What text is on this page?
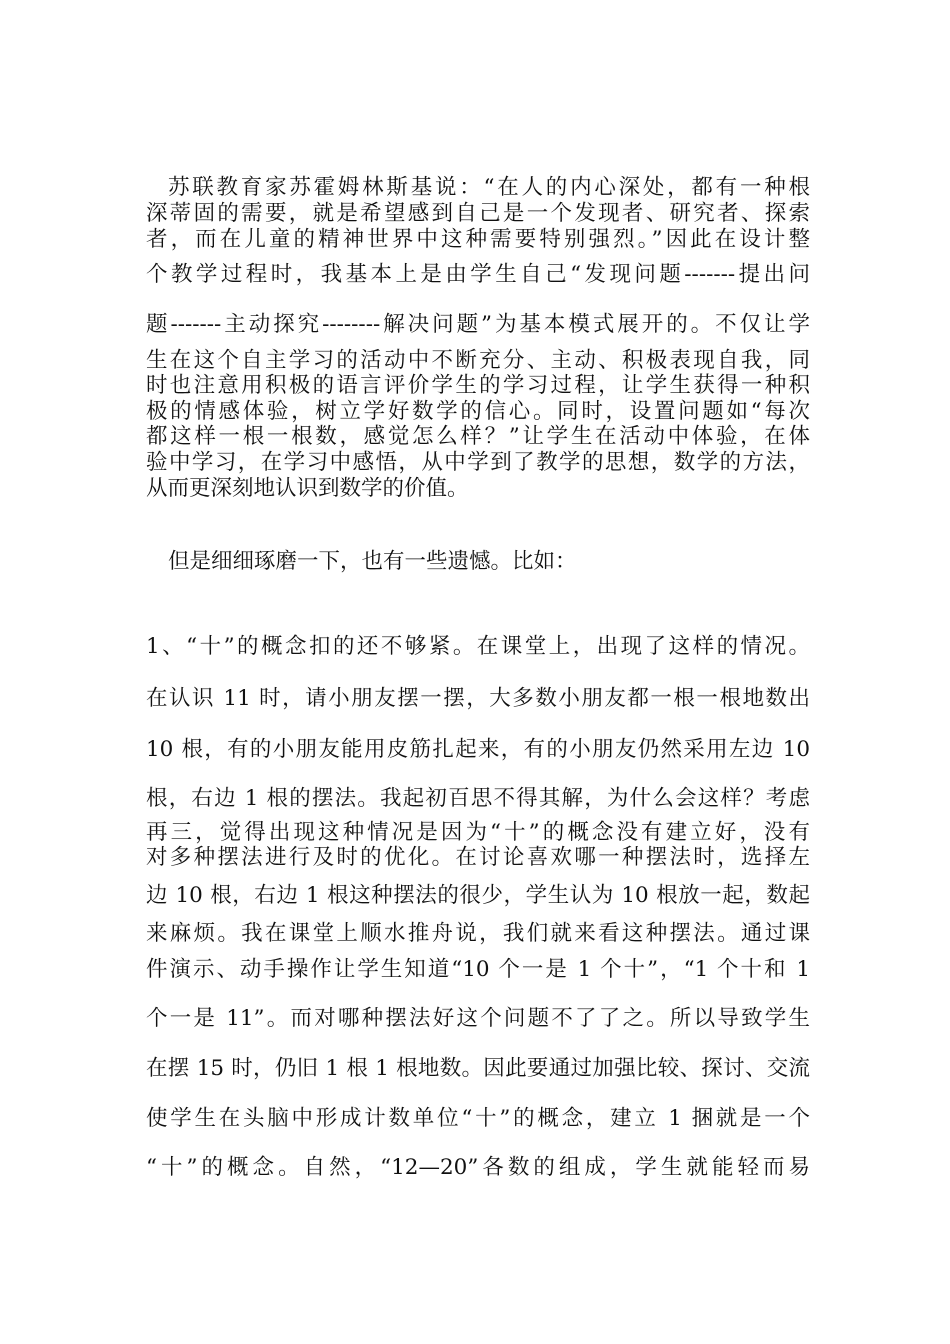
苏联教育家苏霍姆林斯基说：“在人的内心深处，都有一种根
深蒂固的需要，就是希望感到自己是一个发现者、研究者、探索
者，而在儿童的精神世界中这种需要特别强烈。”因此在设计整
个教学过程时，我基本上是由学生自己“发现问题-------提出问
题-------主动探究--------解决问题”为基本模式展开的。不仅让学
生在这个自主学习的活动中不断充分、主动、积极表现自我，同
时也注意用积极的语言评价学生的学习过程，让学生获得一种积
极的情感体验，树立学好数学的信心。同时，设置问题如“每次
都这样一根一根数，感觉怎么样？”让学生在活动中体验，在体
验中学习，在学习中感悟，从中学到了教学的思想，数学的方法，
从而更深刻地认识到数学的价值。
但是细细琢磨一下，也有一些遗憾。比如：
1、“十”的概念扣的还不够紧。在课堂上，出现了这样的情况。
在认识 11 时，请小朋友摆一摆，大多数小朋友都一根一根地数出
10 根，有的小朋友能用皮筋扎起来，有的小朋友仍然采用左边 10
根，右边 1 根的摆法。我起初百思不得其解，为什么会这样？考虑
再三，觉得出现这种情况是因为“十”的概念没有建立好，没有
对多种摆法进行及时的优化。在讨论喜欢哪一种摆法时，选择左
边 10 根，右边 1 根这种摆法的很少，学生认为 10 根放一起，数起
来麻烦。我在课堂上顺水推舟说，我们就来看这种摆法。通过课
件演示、动手操作让学生知道“10 个一是 1 个十”，“1 个十和 1
个一是 11”。而对哪种摆法好这个问题不了了之。所以导致学生
在摆 15 时，仍旧 1 根 1 根地数。因此要通过加强比较、探讨、交流
使学生在头脑中形成计数单位“十”的概念，建立 1 捆就是一个
“十”的概念。自然，“12—20”各数的组成，学生就能轻而易
